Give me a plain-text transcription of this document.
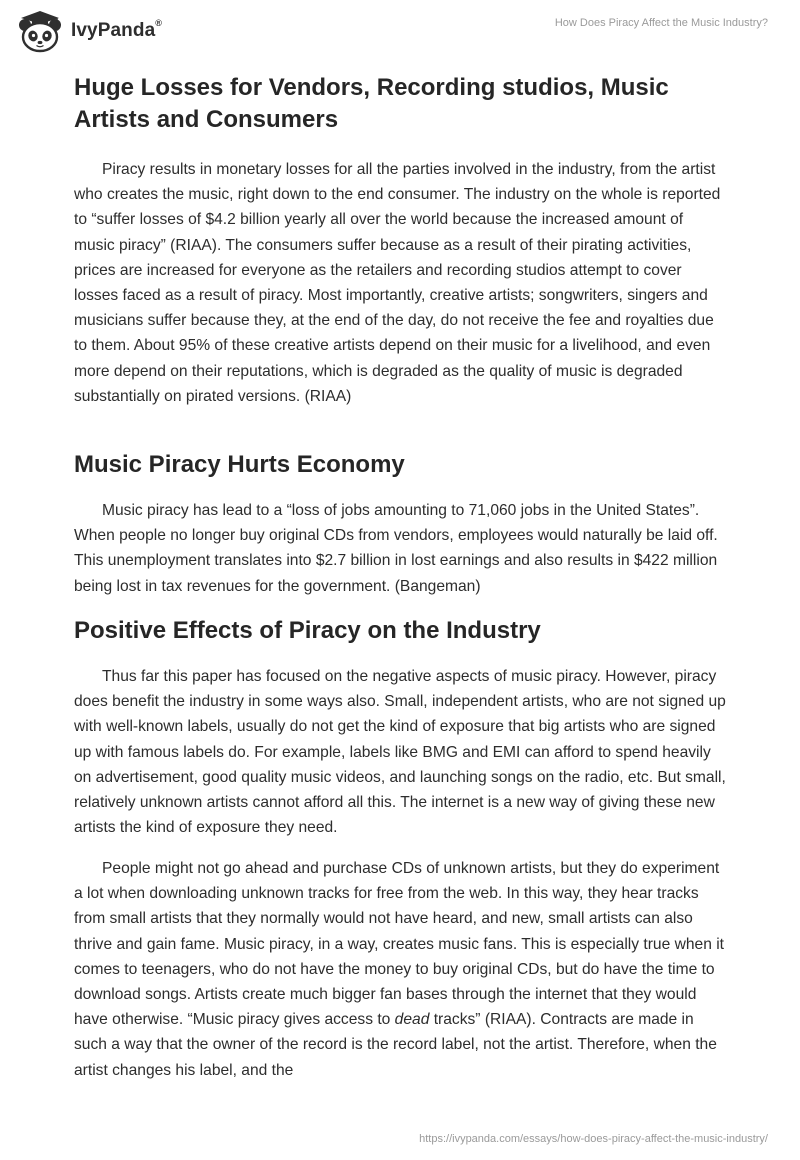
IvyPanda®	How Does Piracy Affect the Music Industry?
Huge Losses for Vendors, Recording studios, Music Artists and Consumers

Piracy results in monetary losses for all the parties involved in the industry, from the artist who creates the music, right down to the end consumer. The industry on the whole is reported to “suffer losses of $4.2 billion yearly all over the world because the increased amount of music piracy” (RIAA). The consumers suffer because as a result of their pirating activities, prices are increased for everyone as the retailers and recording studios attempt to cover losses faced as a result of piracy. Most importantly, creative artists; songwriters, singers and musicians suffer because they, at the end of the day, do not receive the fee and royalties due to them. About 95% of these creative artists depend on their music for a livelihood, and even more depend on their reputations, which is degraded as the quality of music is degraded substantially on pirated versions. (RIAA)

Music Piracy Hurts Economy

Music piracy has lead to a “loss of jobs amounting to 71,060 jobs in the United States”. When people no longer buy original CDs from vendors, employees would naturally be laid off. This unemployment translates into $2.7 billion in lost earnings and also results in $422 million being lost in tax revenues for the government. (Bangeman)

Positive Effects of Piracy on the Industry

Thus far this paper has focused on the negative aspects of music piracy. However, piracy does benefit the industry in some ways also. Small, independent artists, who are not signed up with well-known labels, usually do not get the kind of exposure that big artists who are signed up with famous labels do. For example, labels like BMG and EMI can afford to spend heavily on advertisement, good quality music videos, and launching songs on the radio, etc. But small, relatively unknown artists cannot afford all this. The internet is a new way of giving these new artists the kind of exposure they need.

People might not go ahead and purchase CDs of unknown artists, but they do experiment a lot when downloading unknown tracks for free from the web. In this way, they hear tracks from small artists that they normally would not have heard, and new, small artists can also thrive and gain fame. Music piracy, in a way, creates music fans. This is especially true when it comes to teenagers, who do not have the money to buy original CDs, but do have the time to download songs. Artists create much bigger fan bases through the internet that they would have otherwise. “Music piracy gives access to dead tracks” (RIAA). Contracts are made in such a way that the owner of the record is the record label, not the artist. Therefore, when the artist changes his label, and the

https://ivypanda.com/essays/how-does-piracy-affect-the-music-industry/
